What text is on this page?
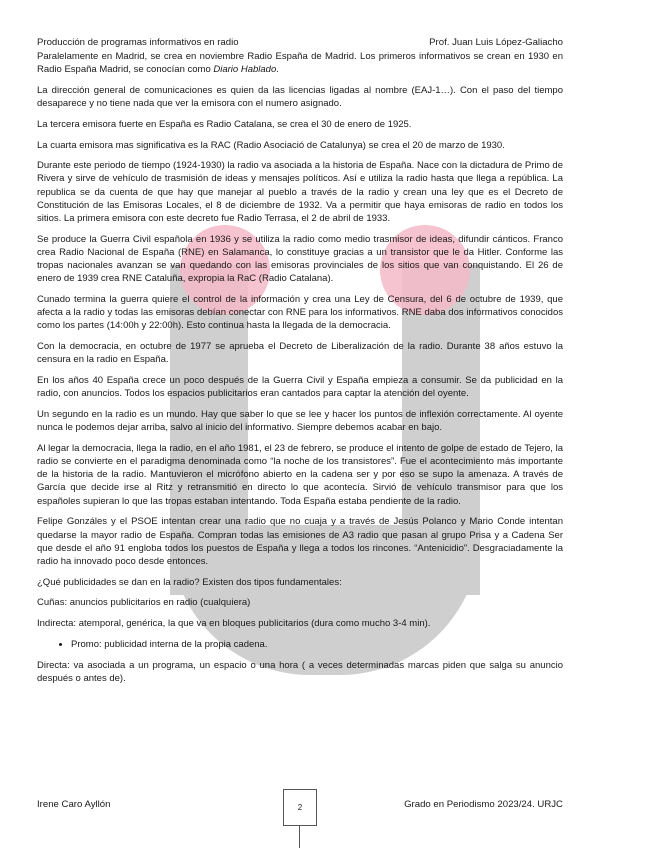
Producción de programas informativos en radio	Prof. Juan Luis López-Galiacho

Paralelamente en Madrid, se crea en noviembre Radio España de Madrid. Los primeros informativos se crean en 1930 en Radio España Madrid, se conocían como Diario Hablado.

La dirección general de comunicaciones es quien da las licencias ligadas al nombre (EAJ-1…). Con el paso del tiempo desaparece y no tiene nada que ver la emisora con el numero asignado.

La tercera emisora fuerte en España es Radio Catalana, se crea el 30 de enero de 1925.

La cuarta emisora mas significativa es la RAC (Radio Asociació de Catalunya) se crea el 20 de marzo de 1930.

Durante este periodo de tiempo (1924-1930) la radio va asociada a la historia de España. Nace con la dictadura de Primo de Rivera y sirve de vehículo de trasmisión de ideas y mensajes políticos. Así e utiliza la radio hasta que llega a república. La republica se da cuenta de que hay que manejar al pueblo a través de la radio y crean una ley que es el Decreto de Constitución de las Emisoras Locales, el 8 de diciembre de 1932. Va a permitir que haya emisoras de radio en todos los sitios. La primera emisora con este decreto fue Radio Terrasa, el 2 de abril de 1933.

Se produce la Guerra Civil española en 1936 y se utiliza la radio como medio trasmisor de ideas, difundir cánticos. Franco crea Radio Nacional de España (RNE) en Salamanca, lo constituye gracias a un transistor que le da Hitler. Conforme las tropas nacionales avanzan se van quedando con las emisoras provinciales de los sitios que van conquistando. El 26 de enero de 1939 crea RNE Cataluña, expropia la RaC (Radio Catalana).

Cunado termina la guerra quiere el control de la información y crea una Ley de Censura, del 6 de octubre de 1939, que afecta a la radio y todas las emisoras debían conectar con RNE para los informativos. RNE daba dos informativos conocidos como los partes (14:00h y 22:00h). Esto continua hasta la llegada de la democracia.

Con la democracia, en octubre de 1977 se aprueba el Decreto de Liberalización de la radio. Durante 38 años estuvo la censura en la radio en España.

En los años 40 España crece un poco después de la Guerra Civil y España empieza a consumir. Se da publicidad en la radio, con anuncios. Todos los espacios publicitarios eran cantados para captar la atención del oyente.

Un segundo en la radio es un mundo. Hay que saber lo que se lee y hacer los puntos de inflexión correctamente. Al oyente nunca le podemos dejar arriba, salvo al inicio del informativo. Siempre debemos acabar en bajo.

Al legar la democracia, llega la radio, en el año 1981, el 23 de febrero, se produce el intento de golpe de estado de Tejero, la radio se convierte en el paradigma denominada como “la noche de los transistores”. Fue el acontecimiento más importante de la historia de la radio. Mantuvieron el micrófono abierto en la cadena ser y por eso se supo la amenaza. A través de García que decide irse al Ritz y retransmitió en directo lo que acontecía. Sirvió de vehículo transmisor para que los españoles supieran lo que las tropas estaban intentando. Toda España estaba pendiente de la radio.

Felipe Gonzáles y el PSOE intentan crear una radio que no cuaja y a través de Jesús Polanco y Mario Conde intentan quedarse la mayor radio de España. Compran todas las emisiones de A3 radio que pasan al grupo Prisa y a Cadena Ser que desde el año 91 engloba todos los puestos de España y llega a todos los rincones. “Antenicidio”. Desgraciadamente la radio ha innovado poco desde entonces.

¿Qué publicidades se dan en la radio? Existen dos tipos fundamentales:

Cuñas: anuncios publicitarios en radio (cualquiera)

Indirecta: atemporal, genérica, la que va en bloques publicitarios (dura como mucho 3-4 min).

• Promo: publicidad interna de la propia cadena.

Directa: va asociada a un programa, un espacio o una hora ( a veces determinadas marcas piden que salga su anuncio después o antes de).

Irene Caro Ayllón	Grado en Periodismo 2023/24. URJC
2
